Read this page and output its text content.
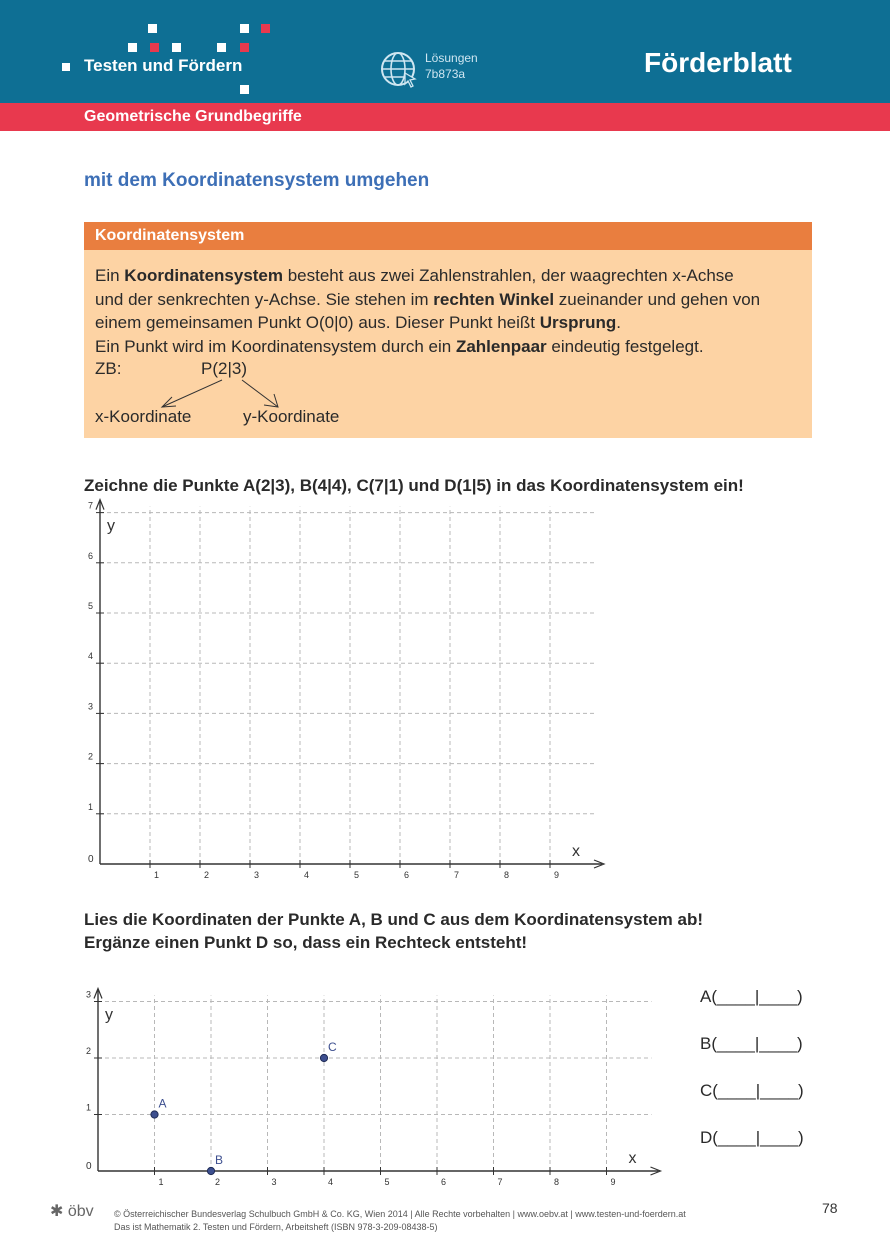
Testen und Fördern	Lösungen
7b873a	Förderblatt
Geometrische Grundbegriffe
mit dem Koordinatensystem umgehen
Koordinatensystem

Ein Koordinatensystem besteht aus zwei Zahlenstrahlen, der waagrechten x-Achse

und der senkrechten y-Achse. Sie stehen im rechten Winkel zueinander und gehen von

einem gemeinsamen Punkt O(0|0) aus. Dieser Punkt heißt Ursprung.

Ein Punkt wird im Koordinatensystem durch ein Zahlenpaar eindeutig festgelegt.

ZB:	P(2|3)
x-Koordinate	y-Koordinate
Zeichne die Punkte A(2|3), B(4|4), C(7|1) und D(1|5) in das Koordinatensystem ein!
1	2	3	4	5	6	7	8	9
1
2
3
4
5
6
7
0	x
y
Lies die Koordinaten der Punkte A, B und C aus dem Koordinatensystem ab!
Ergänze einen Punkt D so, dass ein Rechteck entsteht!
1	2	3	4	5	6	7	8	9
1
2
3
0	x
y
A
B
C
A(____|____)
B(____|____)
C(____|____)
D(____|____)
✱ öbv © Österreichischer Bundesverlag Schulbuch GmbH & Co. KG, Wien 2014 | Alle Rechte vorbehalten | www.oebv.at | www.testen-und-foerdern.at
Das ist Mathematik 2. Testen und Fördern, Arbeitsheft (ISBN 978-3-209-08438-5)
78
